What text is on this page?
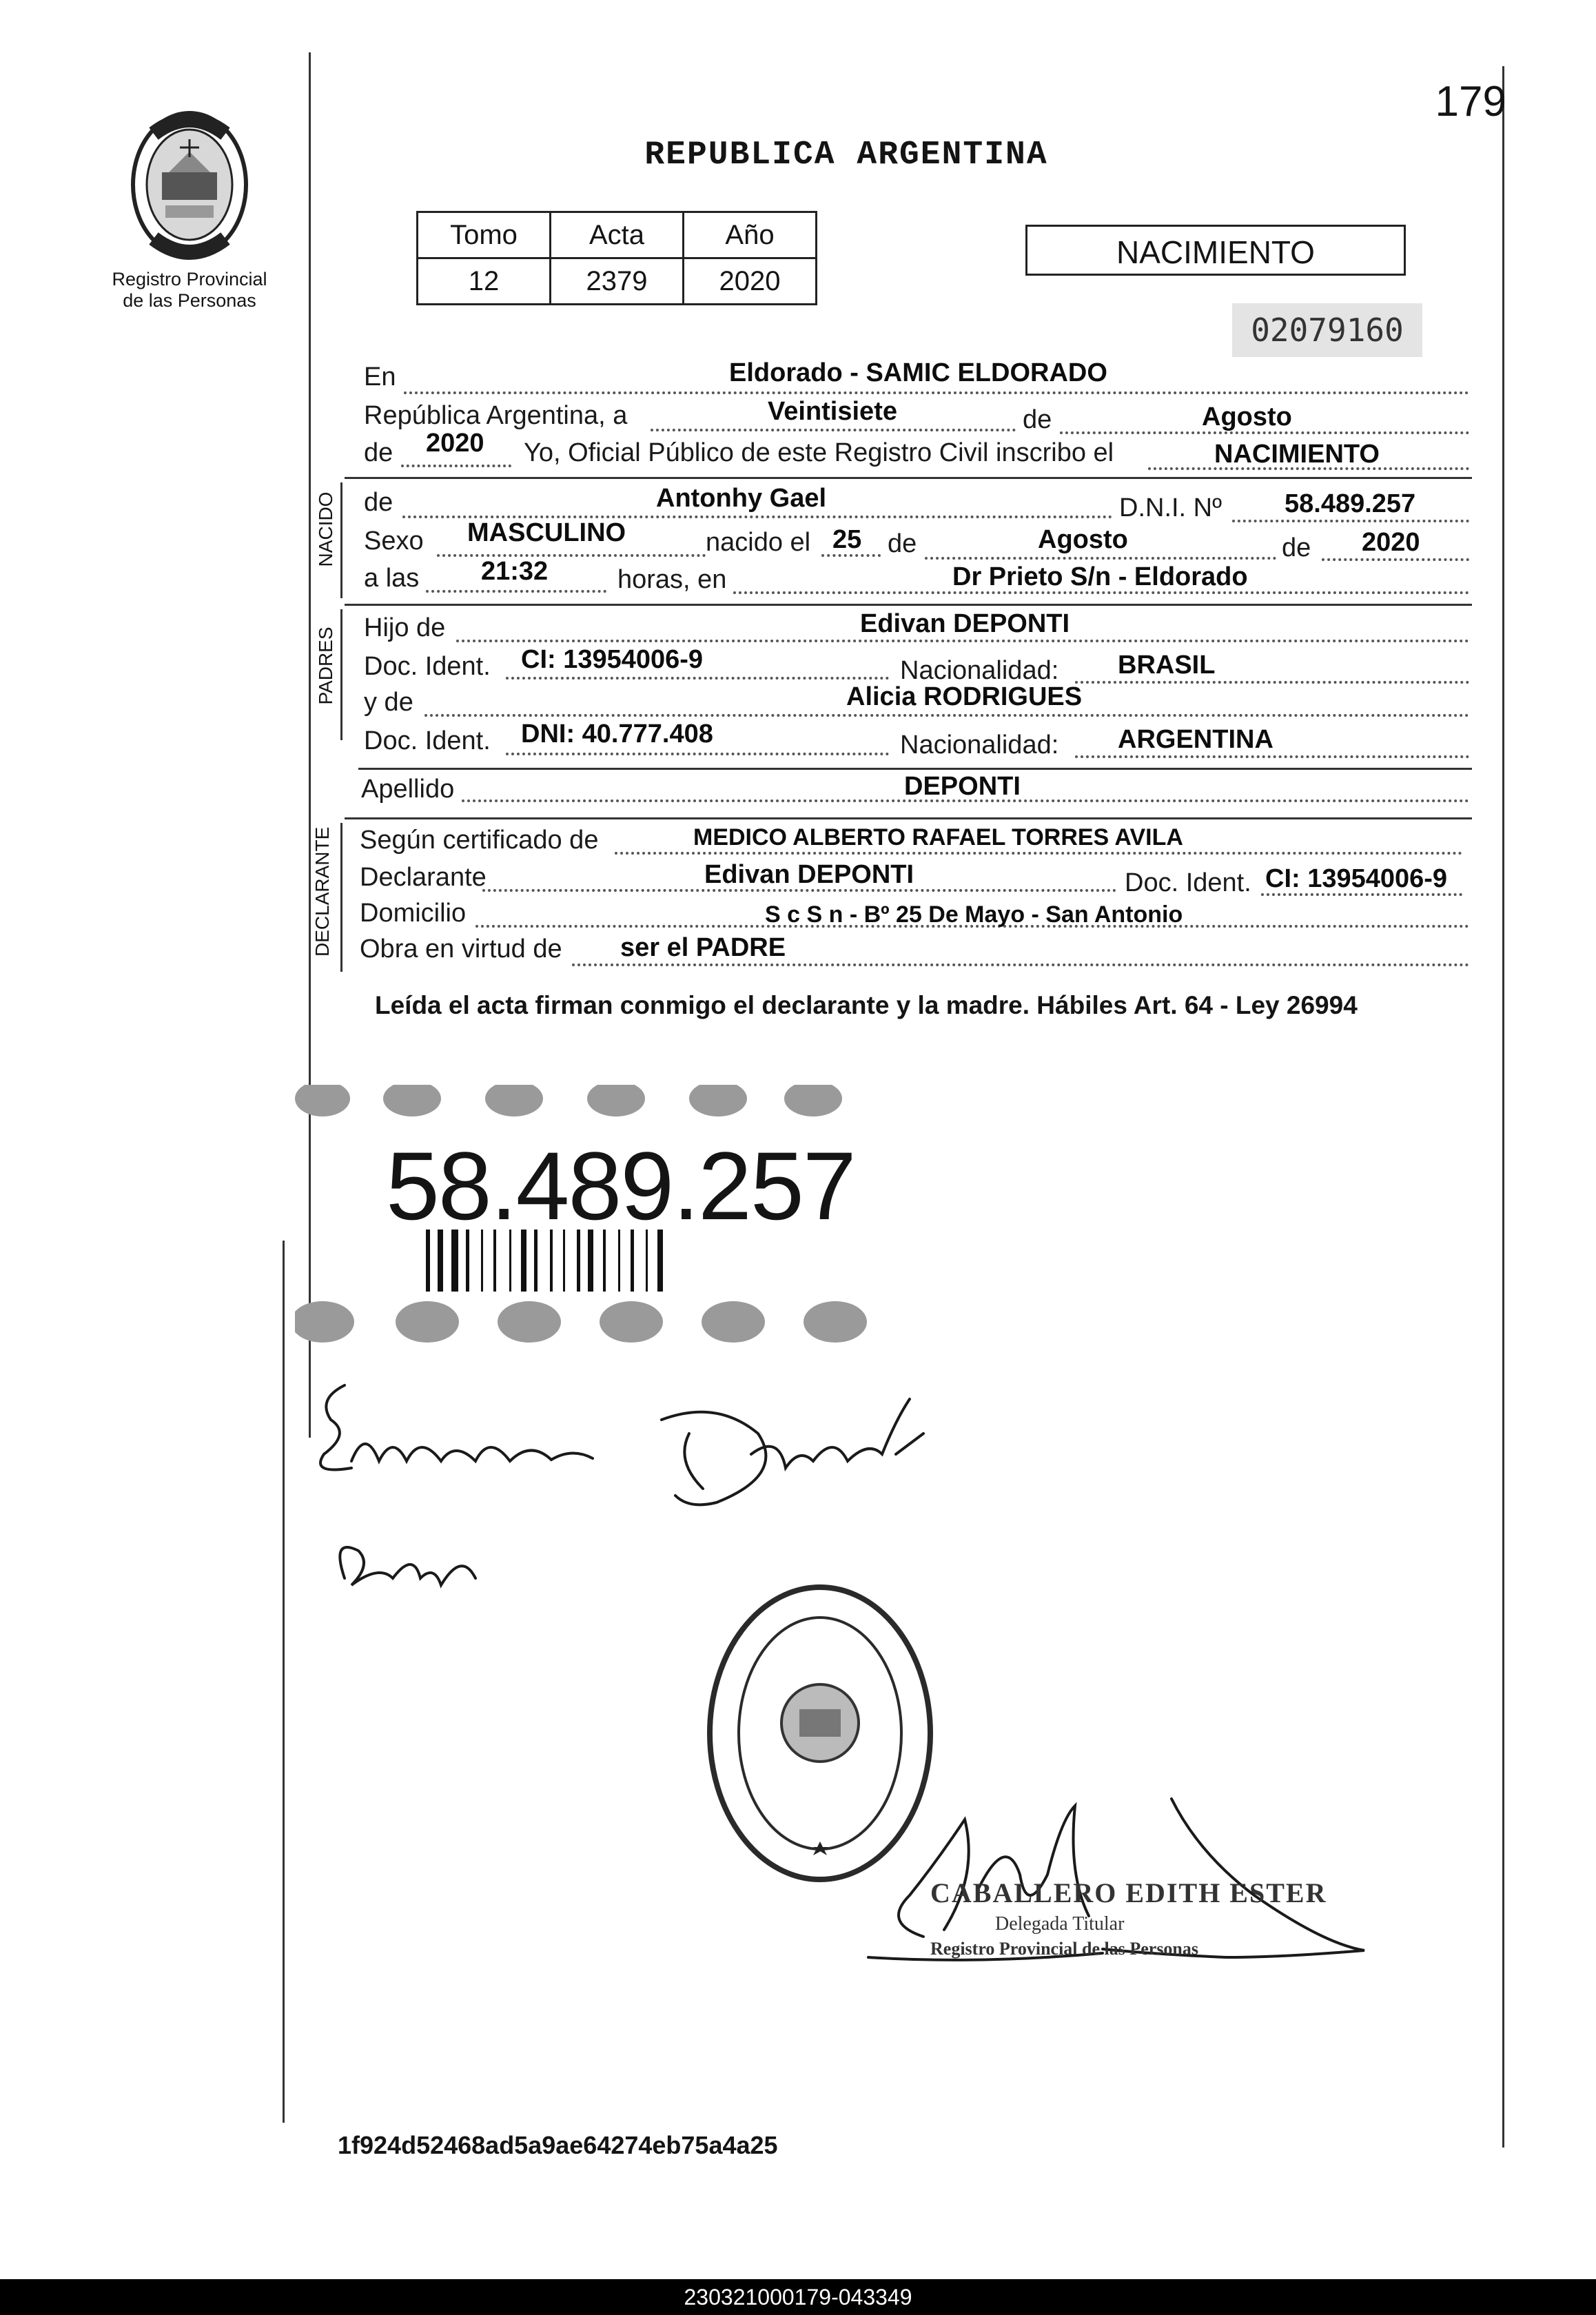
179
Registro Provincial
de las Personas
REPUBLICA ARGENTINA
Tomo	Acta	Año
12	2379	2020
NACIMIENTO
02079160
En	Eldorado - SAMIC ELDORADO
República Argentina, a	Veintisiete	de	Agosto
de 2020 Yo, Oficial Público de este Registro Civil inscribo el	NACIMIENTO
NACIDO de	Antonhy Gael	D.N.I. Nº 58.489.257
Sexo MASCULINO	nacido el 25 de	Agosto	de 2020
a las 21:32	horas, en	Dr Prieto S/n - Eldorado
PADRES Hijo de	Edivan DEPONTI
Doc. Ident. CI: 13954006-9	Nacionalidad: BRASIL
y de	Alicia RODRIGUES
Doc. Ident. DNI: 40.777.408	Nacionalidad: ARGENTINA
Apellido	DEPONTI
DECLARANTE Según certificado de	MEDICO ALBERTO RAFAEL TORRES AVILA
Declarante	Edivan DEPONTI	Doc. Ident. CI: 13954006-9
Domicilio	S c S n - Bº 25 De Mayo - San Antonio
Obra en virtud de ser el PADRE
Leída el acta firman conmigo el declarante y la madre. Hábiles Art. 64 - Ley 26994
58.489.257
CABALLERO EDITH ESTER
Delegada Titular
Registro Provincial de las Personas
1f924d52468ad5a9ae64274eb75a4a25
230321000179-043349
